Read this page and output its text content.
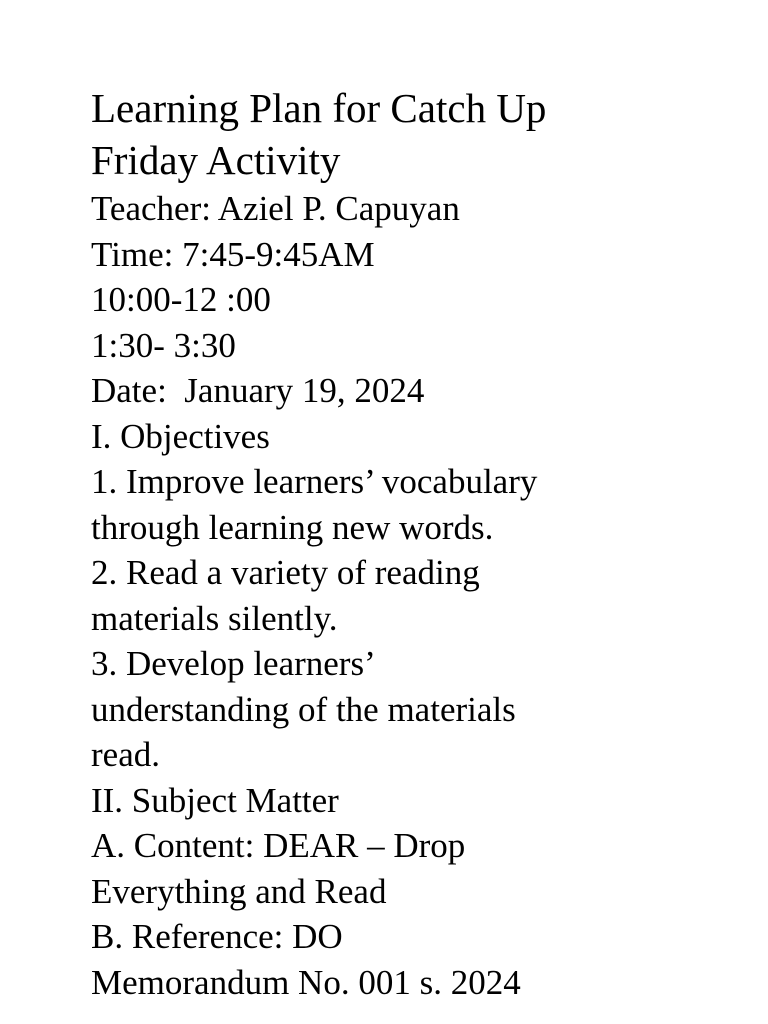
Learning Plan for Catch Up

Friday Activity

Teacher: Aziel P. Capuyan

Time: 7:45-9:45AM

10:00-12 :00

1:30- 3:30

Date:  January 19, 2024

I. Objectives

1. Improve learners’ vocabulary

through learning new words.

2. Read a variety of reading

materials silently.

3. Develop learners’

understanding of the materials

read.

II. Subject Matter

A. Content: DEAR – Drop

Everything and Read

B. Reference: DO

Memorandum No. 001 s. 2024
